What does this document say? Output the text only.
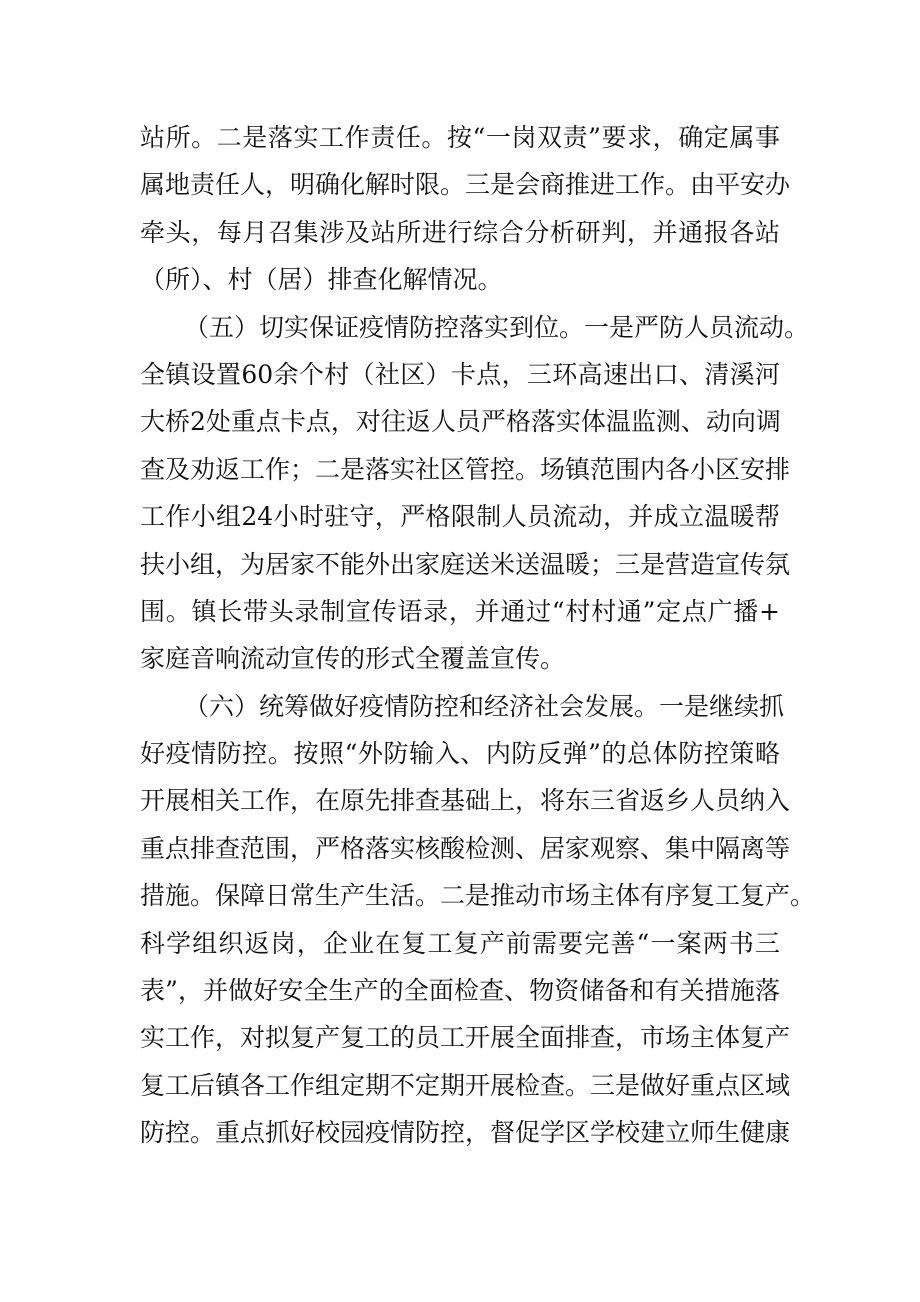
站所。二是落实工作责任。按“一岗双责”要求，确定属事
属地责任人，明确化解时限。三是会商推进工作。由平安办
牵头，每月召集涉及站所进行综合分析研判，并通报各站
（所）、村（居）排查化解情况。
（五）切实保证疫情防控落实到位。一是严防人员流动。
全镇设置60余个村（社区）卡点，三环高速出口、清溪河
大桥2处重点卡点，对往返人员严格落实体温监测、动向调
查及劝返工作；二是落实社区管控。场镇范围内各小区安排
工作小组24小时驻守，严格限制人员流动，并成立温暖帮
扶小组，为居家不能外出家庭送米送温暖；三是营造宣传氛
围。镇长带头录制宣传语录，并通过“村村通”定点广播+
家庭音响流动宣传的形式全覆盖宣传。
（六）统筹做好疫情防控和经济社会发展。一是继续抓
好疫情防控。按照“外防输入、内防反弹”的总体防控策略
开展相关工作，在原先排查基础上，将东三省返乡人员纳入
重点排查范围，严格落实核酸检测、居家观察、集中隔离等
措施。保障日常生产生活。二是推动市场主体有序复工复产。
科学组织返岗，企业在复工复产前需要完善“一案两书三
表”，并做好安全生产的全面检查、物资储备和有关措施落
实工作，对拟复产复工的员工开展全面排查，市场主体复产
复工后镇各工作组定期不定期开展检查。三是做好重点区域
防控。重点抓好校园疫情防控，督促学区学校建立师生健康
